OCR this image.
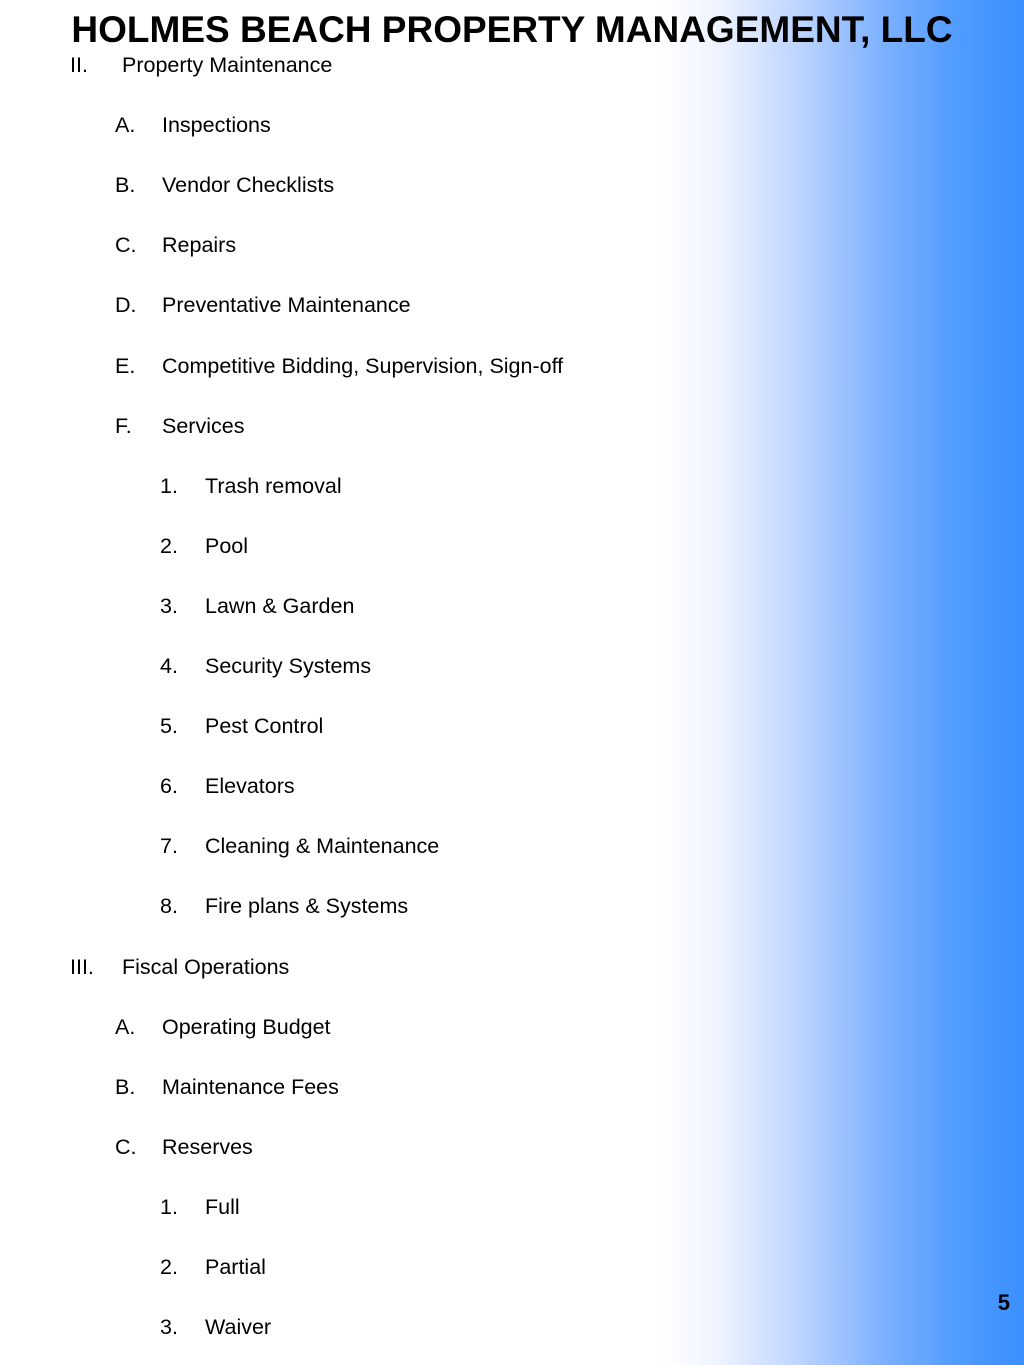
HOLMES BEACH PROPERTY MANAGEMENT, LLC
II. Property Maintenance
A. Inspections
B. Vendor Checklists
C. Repairs
D. Preventative Maintenance
E. Competitive Bidding, Supervision, Sign-off
F. Services
1. Trash removal
2. Pool
3. Lawn & Garden
4. Security Systems
5. Pest Control
6. Elevators
7. Cleaning & Maintenance
8. Fire plans & Systems
III. Fiscal Operations
A. Operating Budget
B. Maintenance Fees
C. Reserves
1. Full
2. Partial
3. Waiver
5
